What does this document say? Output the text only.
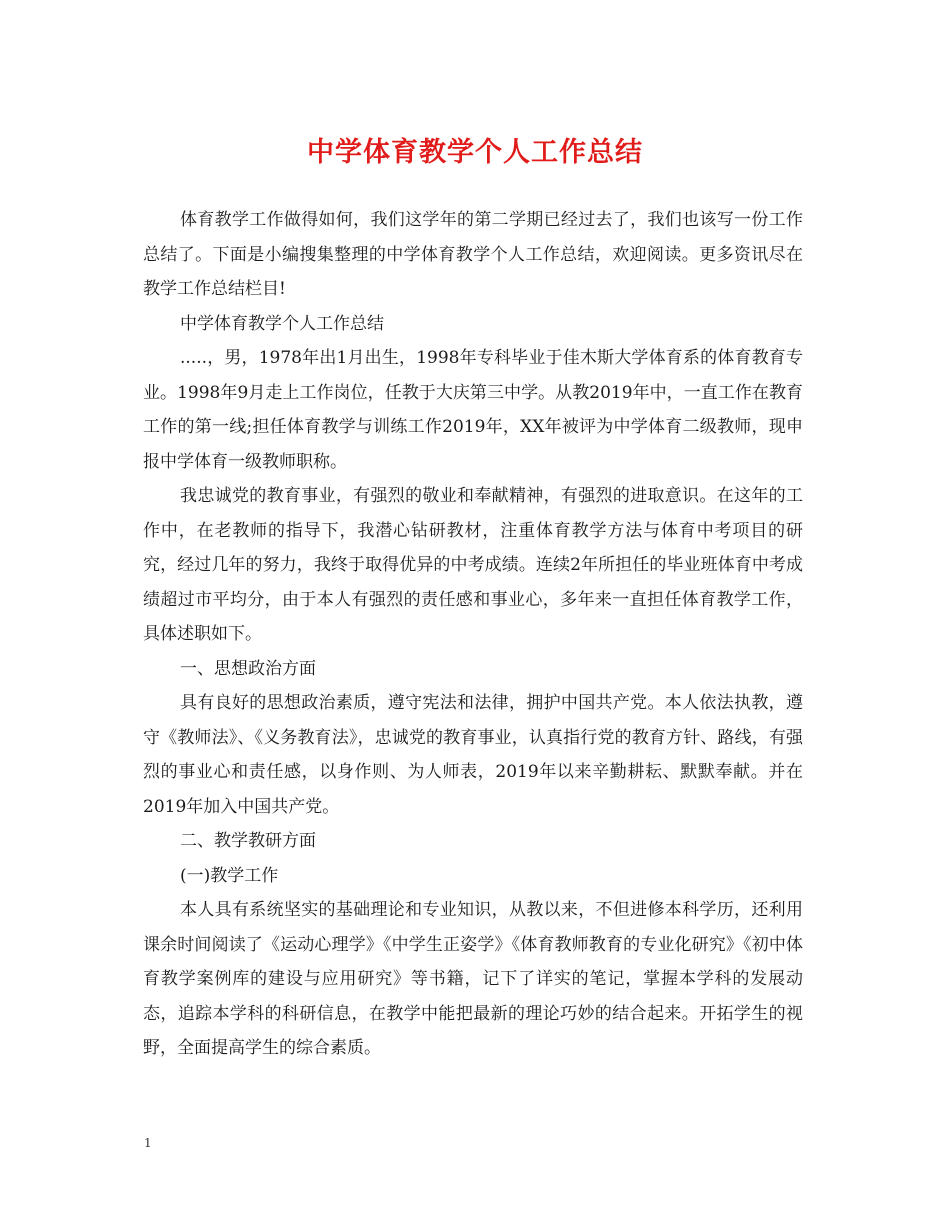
中学体育教学个人工作总结

体育教学工作做得如何，我们这学年的第二学期已经过去了，我们也该写一份工作总结了。下面是小编搜集整理的中学体育教学个人工作总结，欢迎阅读。更多资讯尽在教学工作总结栏目!

中学体育教学个人工作总结

.....，男，1978年出1月出生，1998年专科毕业于佳木斯大学体育系的体育教育专业。1998年9月走上工作岗位，任教于大庆第三中学。从教2019年中，一直工作在教育工作的第一线;担任体育教学与训练工作2019年，XX年被评为中学体育二级教师，现申报中学体育一级教师职称。

我忠诚党的教育事业，有强烈的敬业和奉献精神，有强烈的进取意识。在这年的工作中，在老教师的指导下，我潜心钻研教材，注重体育教学方法与体育中考项目的研究，经过几年的努力，我终于取得优异的中考成绩。连续2年所担任的毕业班体育中考成绩超过市平均分，由于本人有强烈的责任感和事业心，多年来一直担任体育教学工作，具体述职如下。

一、思想政治方面

具有良好的思想政治素质，遵守宪法和法律，拥护中国共产党。本人依法执教，遵守《教师法》、《义务教育法》，忠诚党的教育事业，认真指行党的教育方针、路线，有强烈的事业心和责任感，以身作则、为人师表，2019年以来辛勤耕耘、默默奉献。并在2019年加入中国共产党。

二、教学教研方面

(一)教学工作

本人具有系统坚实的基础理论和专业知识，从教以来，不但进修本科学历，还利用课余时间阅读了《运动心理学》《中学生正姿学》《体育教师教育的专业化研究》《初中体育教学案例库的建设与应用研究》等书籍，记下了详实的笔记，掌握本学科的发展动态，追踪本学科的科研信息，在教学中能把最新的理论巧妙的结合起来。开拓学生的视野，全面提高学生的综合素质。

1
